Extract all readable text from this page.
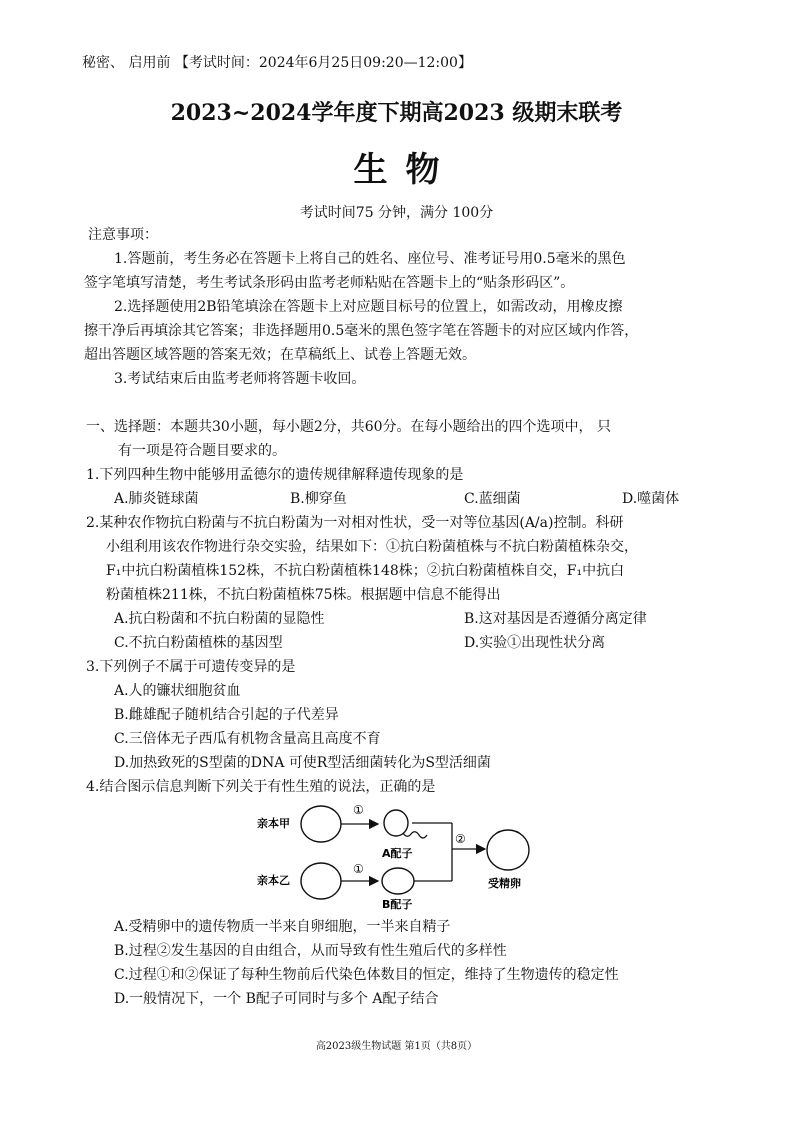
秘密、 启用前 【考试时间：2024年6月25日09:20—12:00】
2023~2024学年度下期高2023 级期末联考
生物
考试时间75 分钟，满分 100分
注意事项：
1.答题前，考生务必在答题卡上将自己的姓名、座位号、准考证号用0.5毫米的黑色
签字笔填写清楚，考生考试条形码由监考老师粘贴在答题卡上的“贴条形码区”。
2.选择题使用2B铅笔填涂在答题卡上对应题目标号的位置上，如需改动，用橡皮擦
擦干净后再填涂其它答案；非选择题用0.5毫米的黑色签字笔在答题卡的对应区域内作答，
超出答题区域答题的答案无效；在草稿纸上、试卷上答题无效。
3.考试结束后由监考老师将答题卡收回。
一、选择题：本题共30小题，每小题2分，共60分。在每小题给出的四个选项中， 只
有一项是符合题目要求的。
1.下列四种生物中能够用孟德尔的遗传规律解释遗传现象的是
A.肺炎链球菌	B.柳穿鱼	C.蓝细菌	D.噬菌体
2.某种农作物抗白粉菌与不抗白粉菌为一对相对性状，受一对等位基因(A/a)控制。科研
小组利用该农作物进行杂交实验，结果如下：①抗白粉菌植株与不抗白粉菌植株杂交，
F₁中抗白粉菌植株152株，不抗白粉菌植株148株；②抗白粉菌植株自交，F₁中抗白
粉菌植株211株，不抗白粉菌植株75株。根据题中信息不能得出
A.抗白粉菌和不抗白粉菌的显隐性	B.这对基因是否遵循分离定律
C.不抗白粉菌植株的基因型	D.实验①出现性状分离
3.下列例子不属于可遗传变异的是
A.人的镰状细胞贫血
B.雌雄配子随机结合引起的子代差异
C.三倍体无子西瓜有机物含量高且高度不育
D.加热致死的S型菌的DNA 可使R型活细菌转化为S型活细菌
4.结合图示信息判断下列关于有性生殖的说法，正确的是
亲本甲
①
A配子
亲本乙
①
B配子
②
受精卵
A.受精卵中的遗传物质一半来自卵细胞，一半来自精子
B.过程②发生基因的自由组合，从而导致有性生殖后代的多样性
C.过程①和②保证了每种生物前后代染色体数目的恒定，维持了生物遗传的稳定性
D.一般情况下，一个 B配子可同时与多个 A配子结合
高2023级生物试题 第1页（共8页）
